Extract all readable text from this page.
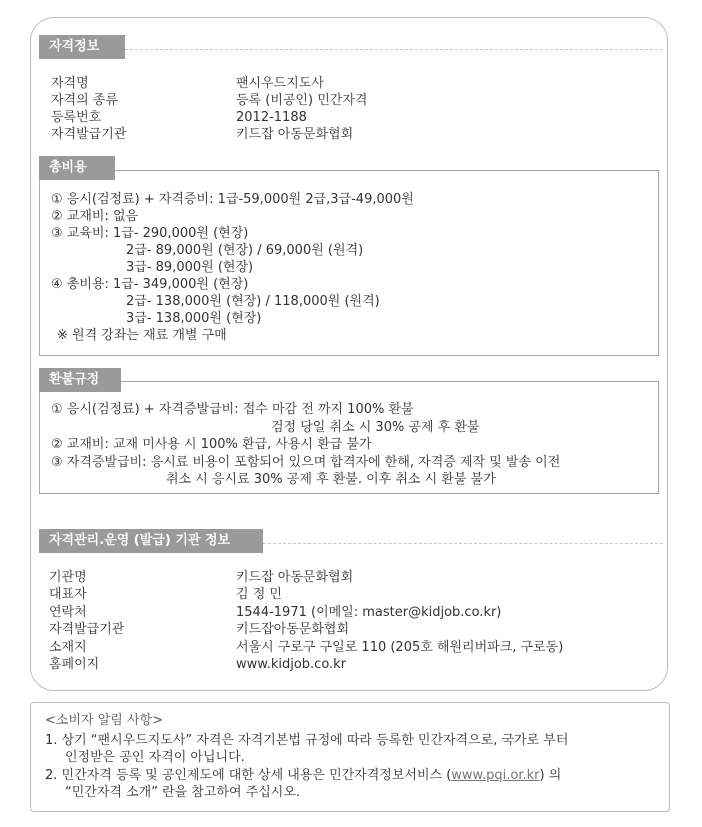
자격정보
자격명	팬시우드지도사
자격의 종류	등록 (비공인) 민간자격
등록번호	2012-1188
자격발급기관	키드잡 아동문화협회
총비용
① 응시(검정료) + 자격증비: 1급-59,000원 2급,3급-49,000원
② 교재비: 없음
③ 교육비: 1급- 290,000원 (현장)
2급- 89,000원 (현장) / 69,000원 (원격)
3급- 89,000원 (현장)
④ 총비용: 1급- 349,000원 (현장)
2급- 138,000원 (현장) / 118,000원 (원격)
3급- 138,000원 (현장)
※ 원격 강좌는 재료 개별 구매
환불규정
① 응시(검정료) + 자격증발급비: 접수 마감 전 까지 100% 환불
검정 당일 취소 시 30% 공제 후 환불
② 교재비: 교재 미사용 시 100% 환급, 사용시 환급 불가
③ 자격증발급비: 응시료 비용이 포함되어 있으며 합격자에 한해, 자격증 제작 및 발송 이전
취소 시 응시료 30% 공제 후 환불. 이후 취소 시 환불 불가
자격관리.운영 (발급) 기관 정보
기관명	키드잡 아동문화협회
대표자	김 정 민
연락처	1544-1971 (이메일: master@kidjob.co.kr)
자격발급기관	키드잡아동문화협회
소재지	서울시 구로구 구일로 110 (205호 해원리버파크, 구로동)
홈페이지	www.kidjob.co.kr
<소비자 알림 사항>
1. 상기 “팬시우드지도사” 자격은 자격기본법 규정에 따라 등록한 민간자격으로, 국가로 부터
인정받은 공인 자격이 아닙니다.
2. 민간자격 등록 및 공인제도에 대한 상세 내용은 민간자격정보서비스 (www.pqi.or.kr) 의
“민간자격 소개” 란을 참고하여 주십시오.
